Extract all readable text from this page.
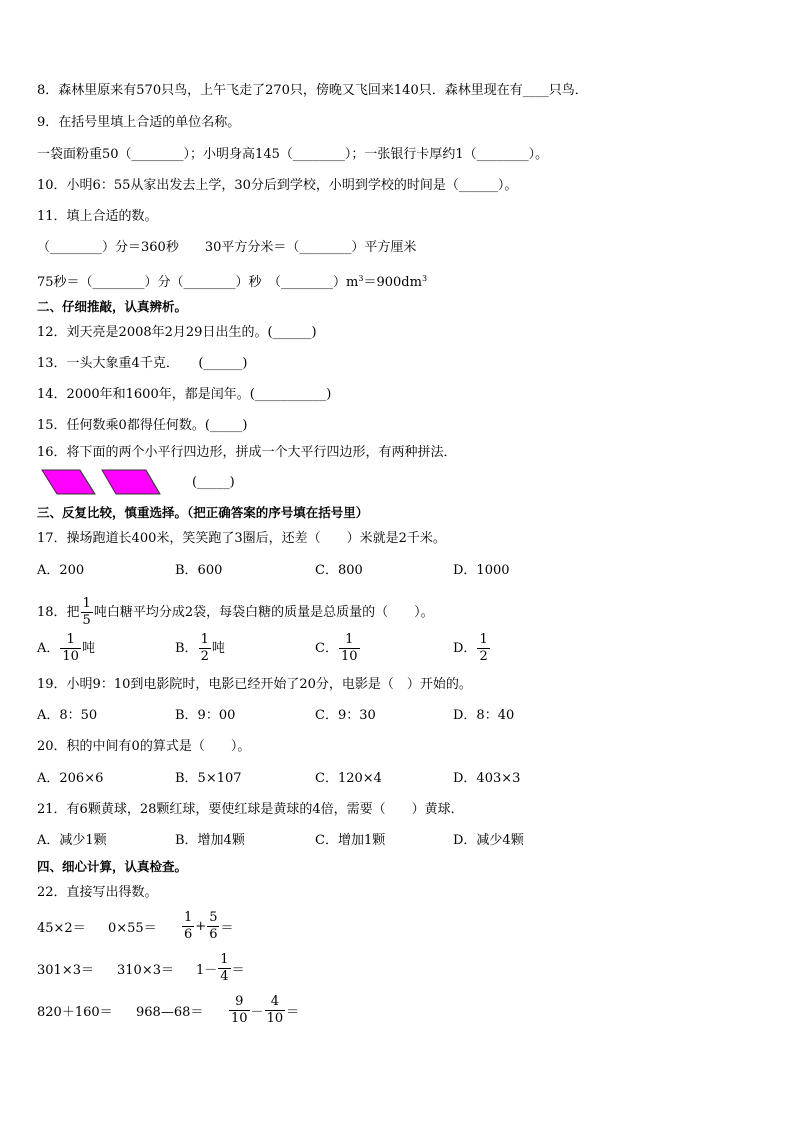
8．森林里原来有570只鸟，上午飞走了270只，傍晚又飞回来140只．森林里现在有____只鸟．
9．在括号里填上合适的单位名称。
一袋面粉重50（________）；小明身高145（________）；一张银行卡厚约1（________）。
10．小明6：55从家出发去上学，30分后到学校，小明到学校的时间是（______）。
11．填上合适的数。
（________）分＝360秒　　30平方分米＝（________）平方厘米
75秒＝（________）分（________）秒　$(\_\_\_\_\_\_\_\_)m^3=900dm^3$
二、仔细推敲，认真辨析。
12．刘天亮是2008年2月29日出生的。(______)
13．一头大象重4千克．　　(______)
14．2000年和1600年，都是闰年。(___________)
15．任何数乘0都得任何数。(_____)
16．将下面的两个小平行四边形，拼成一个大平行四边形，有两种拼法．
(_____)
三、反复比较，慎重选择。（把正确答案的序号填在括号里）
17．操场跑道长400米，笑笑跑了3圈后，还差（　　）米就是2千米。
A．200	B．600	C．800	D．1000
18．把 $\frac{1}{5}$ 吨白糖平均分成2袋，每袋白糖的质量是总质量的（　　）。
A． $\frac{1}{10}$ 吨	B． $\frac{1}{2}$ 吨	C． $\frac{1}{10}$	D． $\frac{1}{2}$
19．小明9：10到电影院时，电影已经开始了20分，电影是（　）开始的。
A．8：50	B．9：00	C．9：30	D．8：40
20．积的中间有0的算式是（　　）。
A．206×6	B．5×107	C．120×4	D．403×3
21．有6颗黄球，28颗红球，要使红球是黄球的4倍，需要（　　）黄球．
A．减少1颗	B．增加4颗	C．增加1颗	D．减少4颗
四、细心计算，认真检查。
22．直接写出得数。
$45\times 2= 0\times 55= \frac{1}{6} + \frac{5}{6}$ ＝
$301\times 3= 310\times 3= 1- \frac{1}{4}$ ＝
820＋160＝ 968—68＝ $\frac{9}{10} - \frac{4}{10}$ ＝
